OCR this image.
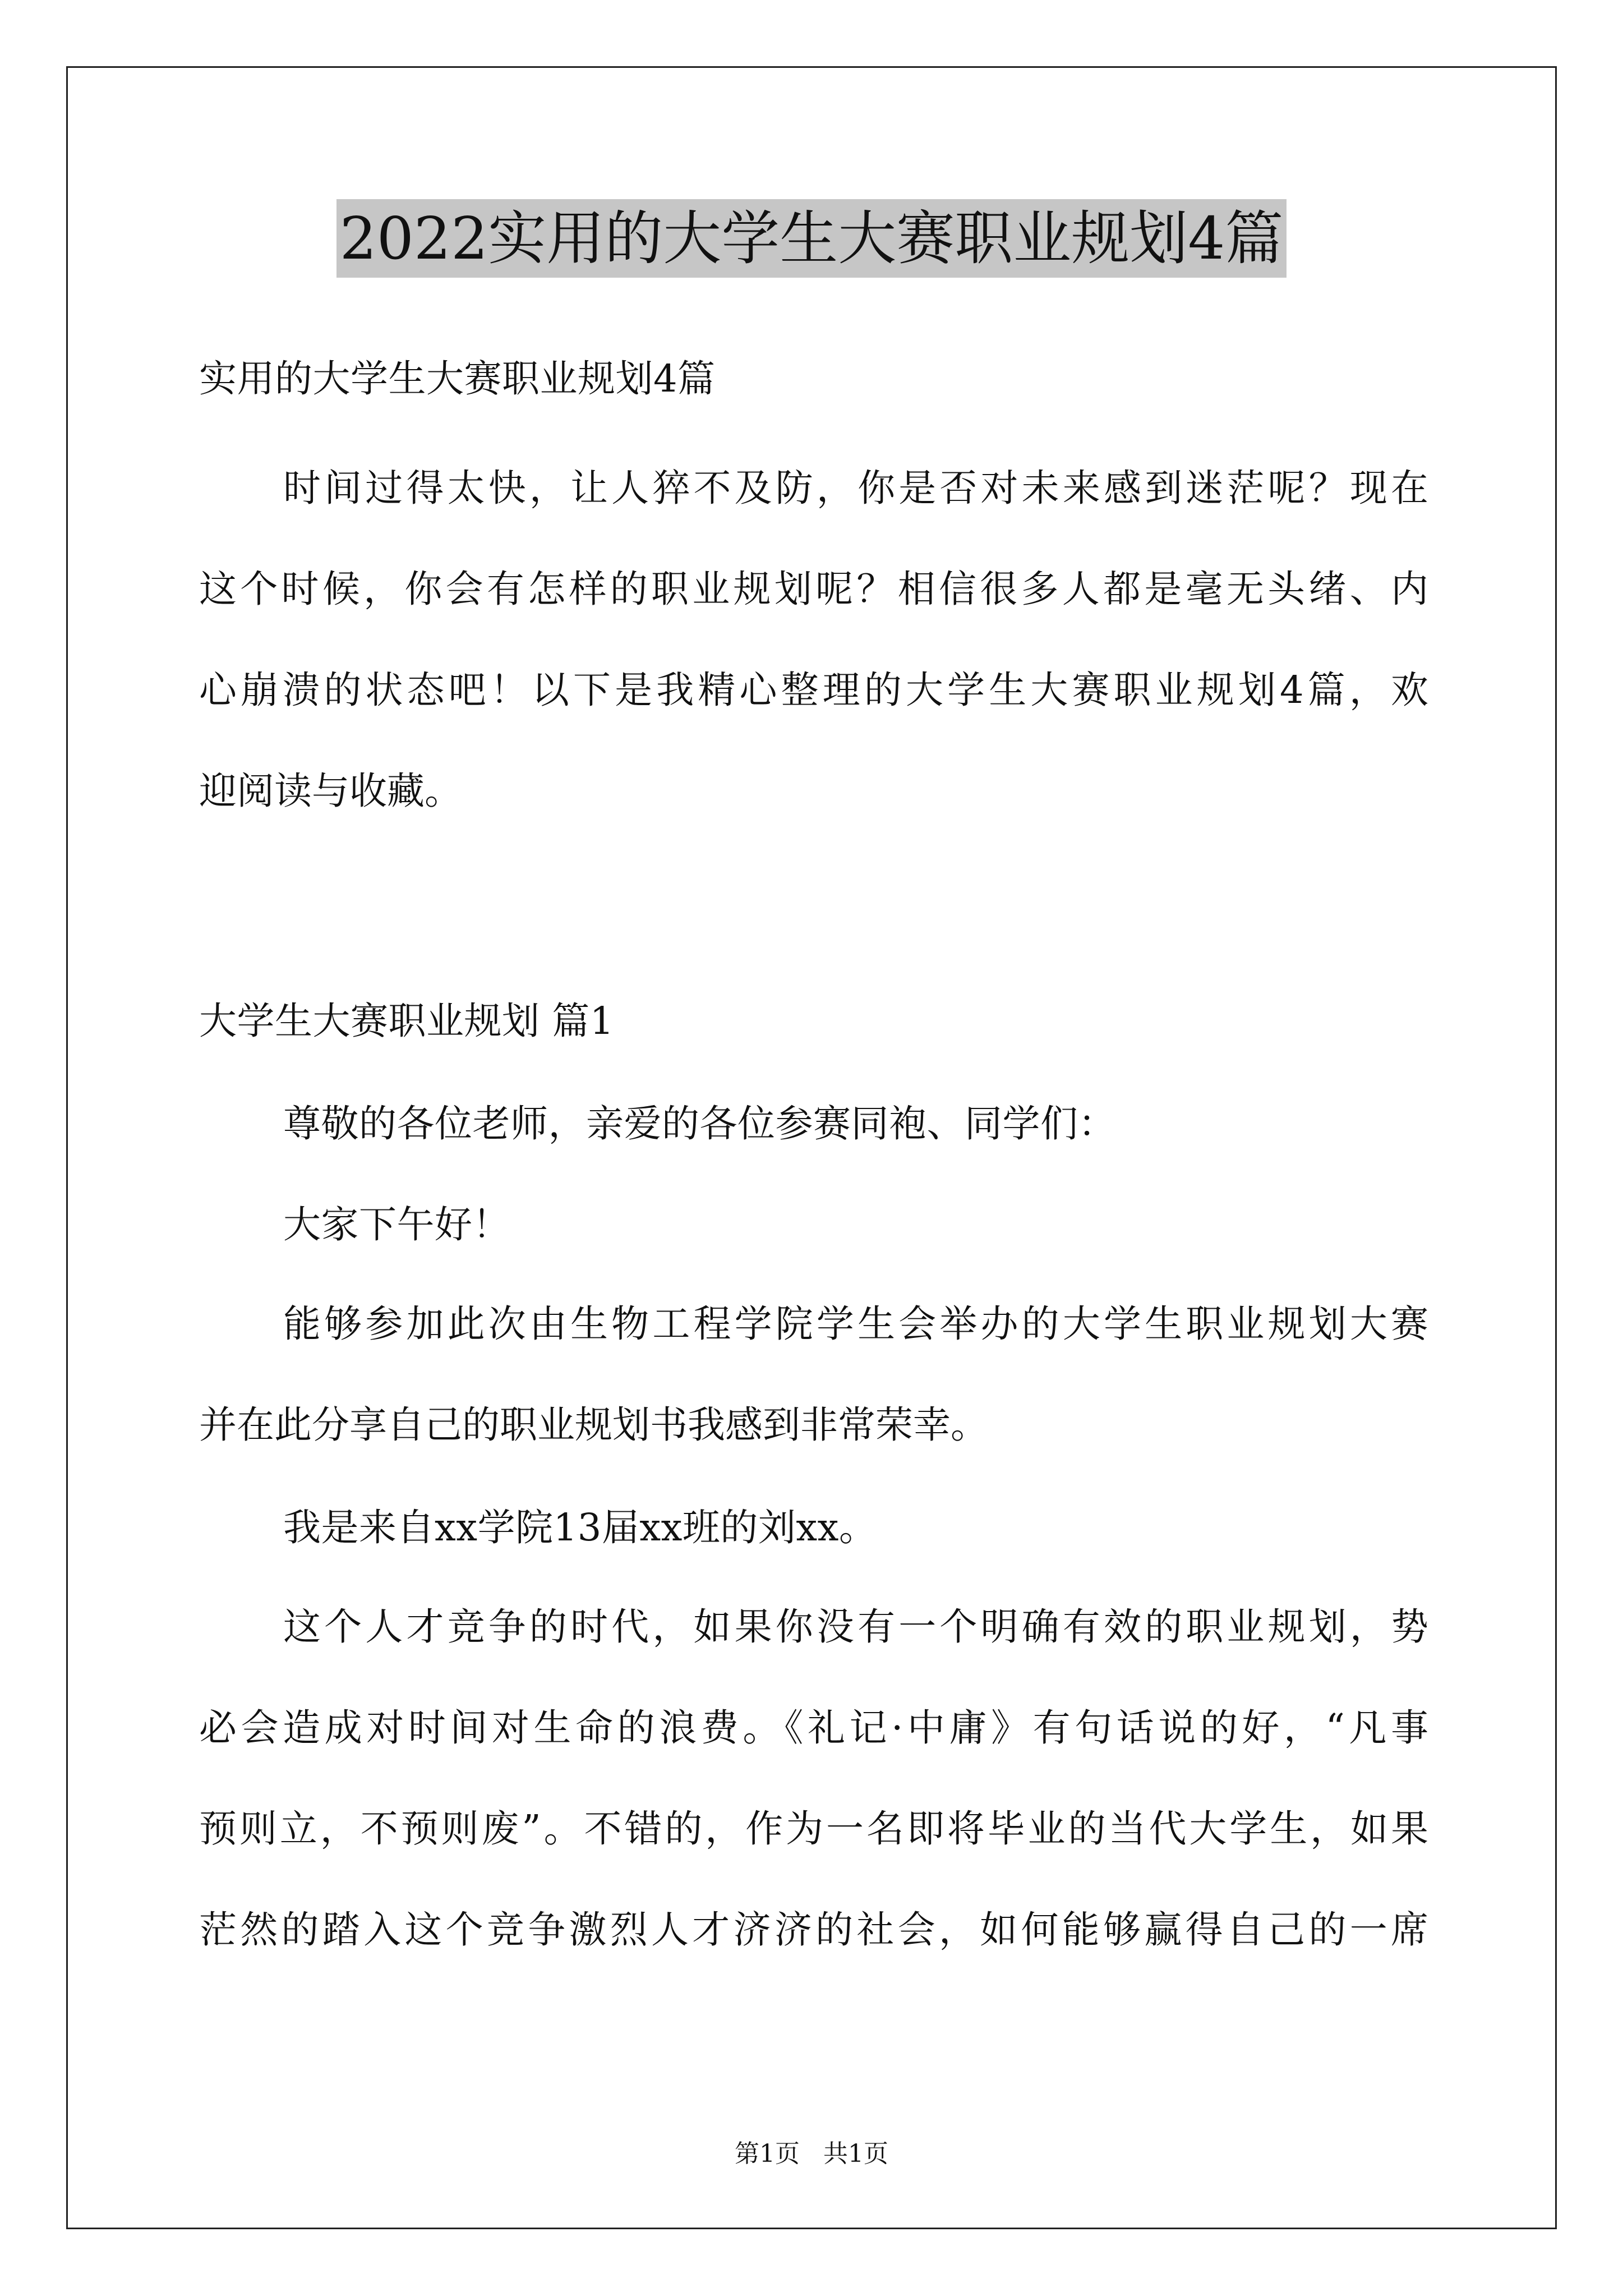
2022实用的大学生大赛职业规划4篇

实用的大学生大赛职业规划4篇

时间过得太快，让人猝不及防，你是否对未来感到迷茫呢？现在
这个时候，你会有怎样的职业规划呢？相信很多人都是毫无头绪、内
心崩溃的状态吧！以下是我精心整理的大学生大赛职业规划4篇，欢
迎阅读与收藏。

大学生大赛职业规划 篇1

尊敬的各位老师，亲爱的各位参赛同袍、同学们：

大家下午好！

能够参加此次由生物工程学院学生会举办的大学生职业规划大赛
并在此分享自己的职业规划书我感到非常荣幸。

我是来自xx学院13届xx班的刘xx。

这个人才竞争的时代，如果你没有一个明确有效的职业规划，势
必会造成对时间对生命的浪费。《礼记·中庸》有句话说的好，“凡事
预则立，不预则废”。不错的，作为一名即将毕业的当代大学生，如果
茫然的踏入这个竞争激烈人才济济的社会，如何能够赢得自己的一席
第1页 共1页
